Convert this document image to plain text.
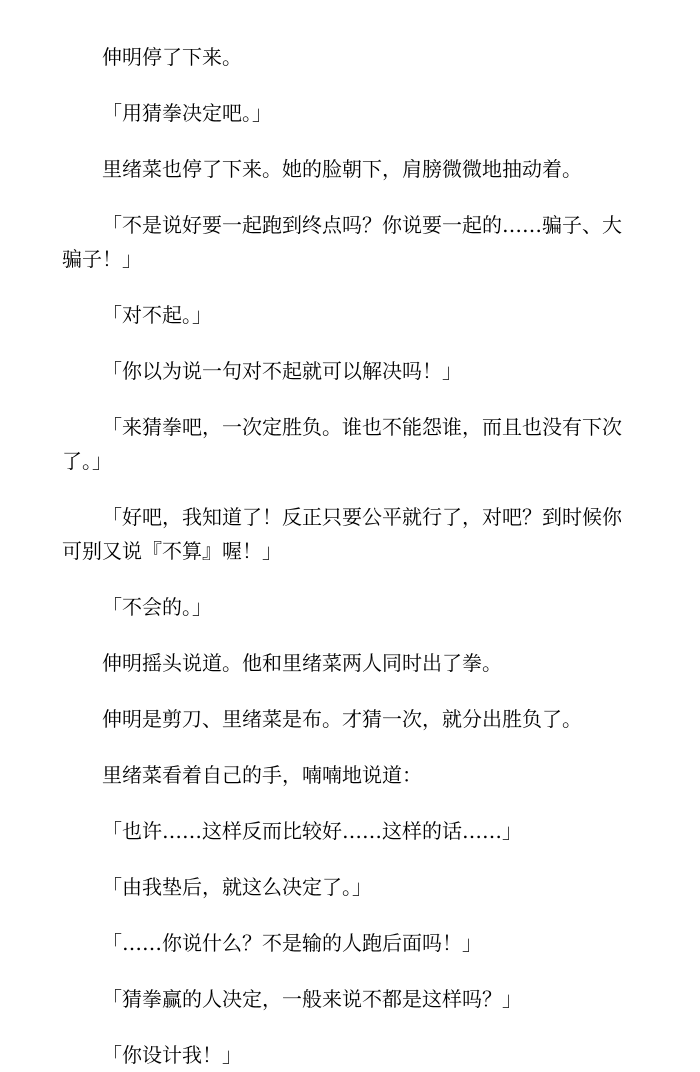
伸明停了下来。

「用猜拳决定吧。」

里绪菜也停了下来。她的脸朝下，肩膀微微地抽动着。

「不是说好要一起跑到终点吗？你说要一起的……骗子、大骗子！」

「对不起。」

「你以为说一句对不起就可以解决吗！」

「来猜拳吧，一次定胜负。谁也不能怨谁，而且也没有下次了。」

「好吧，我知道了！反正只要公平就行了，对吧？到时候你可别又说『不算』喔！」

「不会的。」

伸明摇头说道。他和里绪菜两人同时出了拳。

伸明是剪刀、里绪菜是布。才猜一次，就分出胜负了。

里绪菜看着自己的手，喃喃地说道：

「也许……这样反而比较好……这样的话……」

「由我垫后，就这么决定了。」

「……你说什么？不是输的人跑后面吗！」

「猜拳赢的人决定，一般来说不都是这样吗？」

「你设计我！」
